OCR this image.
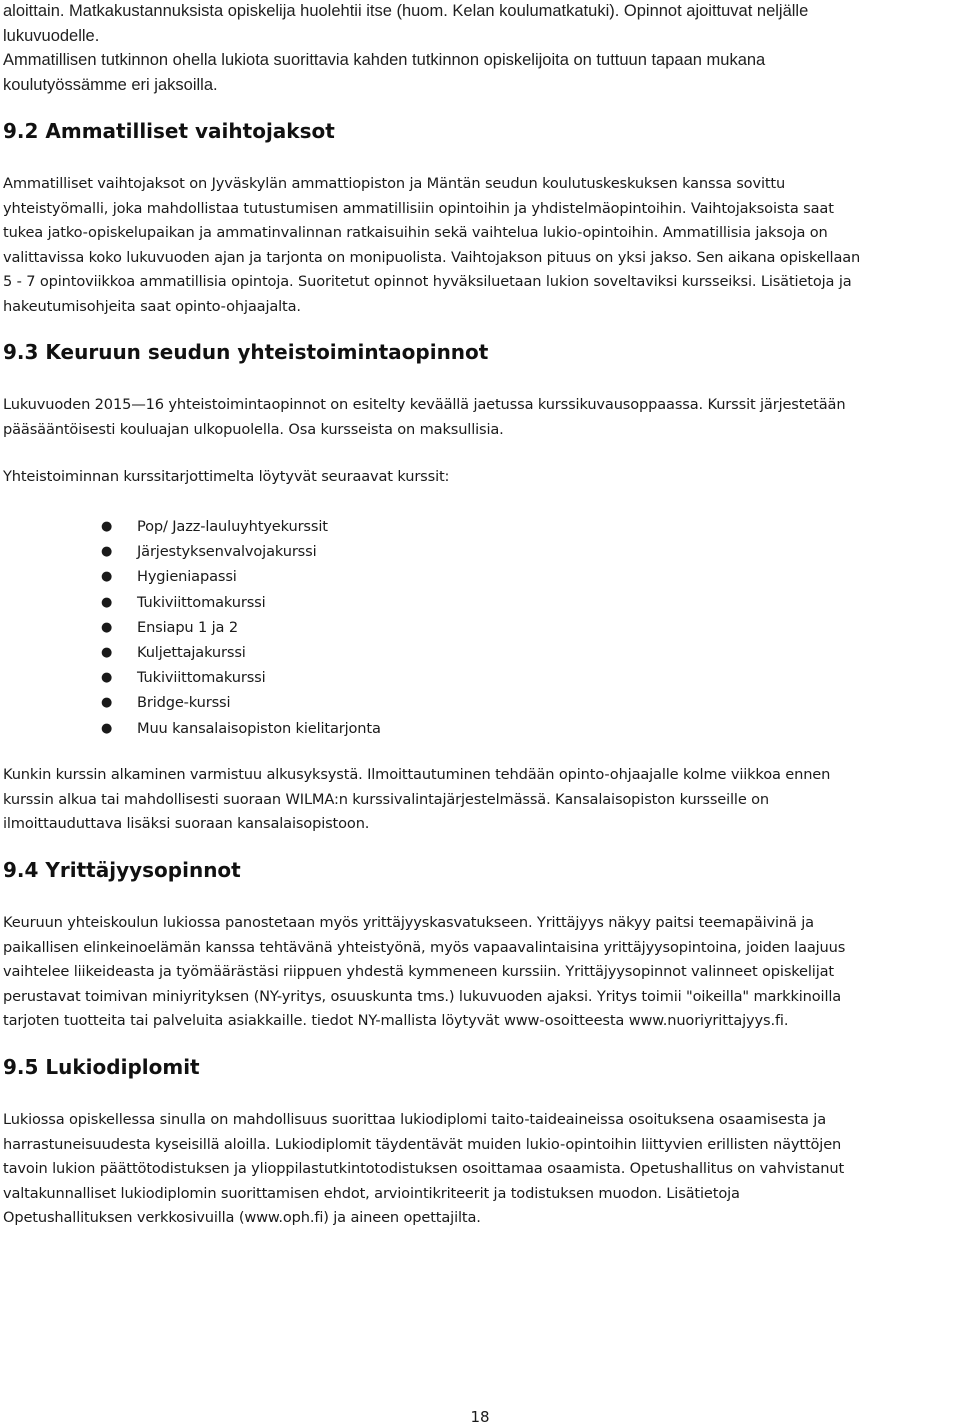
aloittain. Matkakustannuksista opiskelija huolehtii itse (huom. Kelan koulumatkatuki). Opinnot ajoittuvat neljälle

lukuvuodelle.

Ammatillisen tutkinnon ohella lukiota suorittavia kahden tutkinnon opiskelijoita on tuttuun tapaan mukana

koulutyössämme eri jaksoilla.

9.2 Ammatilliset vaihtojaksot

Ammatilliset vaihtojaksot on Jyväskylän ammattiopiston ja Mäntän seudun koulutuskeskuksen kanssa sovittu

yhteistyömalli, joka mahdollistaa tutustumisen ammatillisiin opintoihin ja yhdistelmäopintoihin. Vaihtojaksoista saat

tukea jatko-opiskelupaikan ja ammatinvalinnan ratkaisuihin sekä vaihtelua lukio-opintoihin. Ammatillisia jaksoja on

valittavissa koko lukuvuoden ajan ja tarjonta on monipuolista. Vaihtojakson pituus on yksi jakso. Sen aikana opiskellaan

5 - 7 opintoviikkoa ammatillisia opintoja. Suoritetut opinnot hyväksiluetaan lukion soveltaviksi kursseiksi. Lisätietoja ja

hakeutumisohjeita saat opinto-ohjaajalta.

9.3 Keuruun seudun yhteistoimintaopinnot

Lukuvuoden 2015—16 yhteistoimintaopinnot on esitelty keväällä jaetussa kurssikuvausoppaassa. Kurssit järjestetään

pääsääntöisesti kouluajan ulkopuolella. Osa kursseista on maksullisia.

Yhteistoiminnan kurssitarjottimelta löytyvät seuraavat kurssit:

● Pop/ Jazz-lauluyhtyekurssit
● Järjestyksenvalvojakurssi
● Hygieniapassi
● Tukiviittomakurssi
● Ensiapu 1 ja 2
● Kuljettajakurssi
● Tukiviittomakurssi
● Bridge-kurssi
● Muu kansalaisopiston kielitarjonta

Kunkin kurssin alkaminen varmistuu alkusyksystä. Ilmoittautuminen tehdään opinto-ohjaajalle kolme viikkoa ennen

kurssin alkua tai mahdollisesti suoraan WILMA:n kurssivalintajärjestelmässä. Kansalaisopiston kursseille on

ilmoittauduttava lisäksi suoraan kansalaisopistoon.

9.4 Yrittäjyysopinnot

Keuruun yhteiskoulun lukiossa panostetaan myös yrittäjyyskasvatukseen. Yrittäjyys näkyy paitsi teemapäivinä ja

paikallisen elinkeinoelämän kanssa tehtävänä yhteistyönä, myös vapaavalintaisina yrittäjyysopintoina, joiden laajuus

vaihtelee liikeideasta ja työmäärästäsi riippuen yhdestä kymmeneen kurssiin. Yrittäjyysopinnot valinneet opiskelijat

perustavat toimivan miniyrityksen (NY-yritys, osuuskunta tms.) lukuvuoden ajaksi. Yritys toimii "oikeilla" markkinoilla

tarjoten tuotteita tai palveluita asiakkaille. tiedot NY-mallista löytyvät www-osoitteesta www.nuoriyrittajyys.fi.

9.5 Lukiodiplomit

Lukiossa opiskellessa sinulla on mahdollisuus suorittaa lukiodiplomi taito-taideaineissa osoituksena osaamisesta ja

harrastuneisuudesta kyseisillä aloilla. Lukiodiplomit täydentävät muiden lukio-opintoihin liittyvien erillisten näyttöjen

tavoin lukion päättötodistuksen ja ylioppilastutkintotodistuksen osoittamaa osaamista. Opetushallitus on vahvistanut

valtakunnalliset lukiodiplomin suorittamisen ehdot, arviointikriteerit ja todistuksen muodon. Lisätietoja

Opetushallituksen verkkosivuilla (www.oph.fi) ja aineen opettajilta.

18
